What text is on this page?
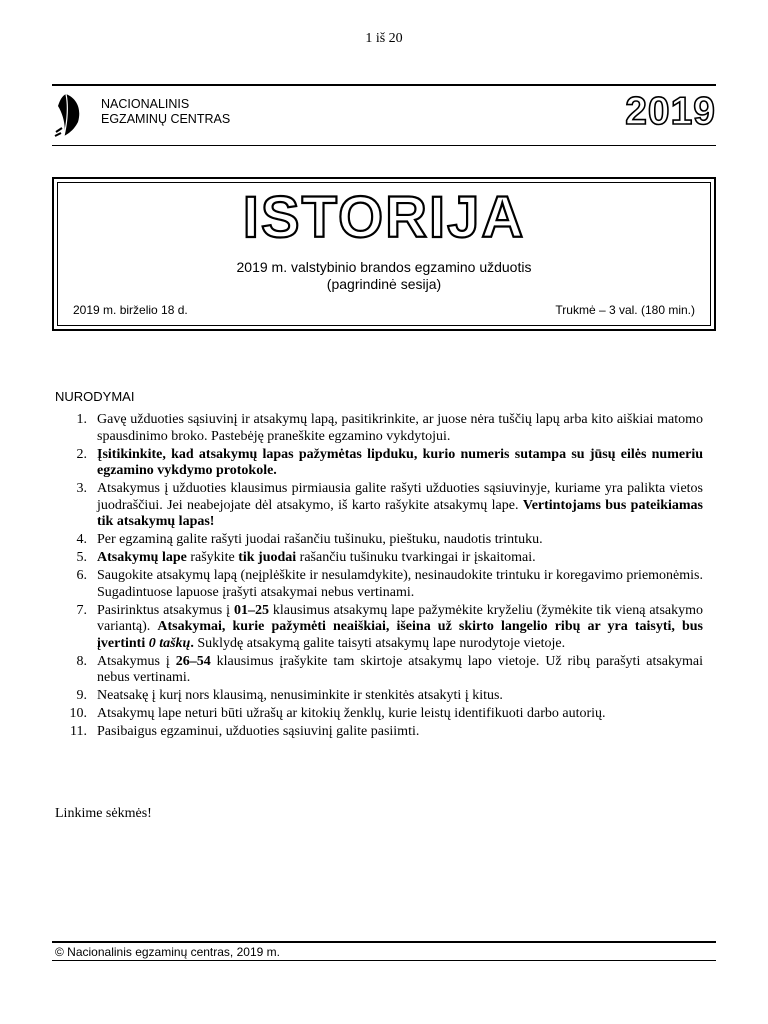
1 iš 20
NACIONALINIS
EGZAMINŲ CENTRAS	2019
ISTORIJA
2019 m. valstybinio brandos egzamino užduotis
(pagrindinė sesija)
2019 m. birželio 18 d.	Trukmė – 3 val. (180 min.)
NURODYMAI
1. Gavę užduoties sąsiuvinį ir atsakymų lapą, pasitikrinkite, ar juose nėra tuščių lapų arba kito aiškiai matomo spausdinimo broko. Pastebėję praneškite egzamino vykdytojui.
2. Įsitikinkite, kad atsakymų lapas pažymėtas lipduku, kurio numeris sutampa su jūsų eilės numeriu egzamino vykdymo protokole.
3. Atsakymus į užduoties klausimus pirmiausia galite rašyti užduoties sąsiuvinyje, kuriame yra palikta vietos juodraščiui. Jei neabejojate dėl atsakymo, iš karto rašykite atsakymų lape. Vertintojams bus pateikiamas tik atsakymų lapas!
4. Per egzaminą galite rašyti juodai rašančiu tušinuku, pieštuku, naudotis trintuku.
5. Atsakymų lape rašykite tik juodai rašančiu tušinuku tvarkingai ir įskaitomai.
6. Saugokite atsakymų lapą (neįplėškite ir nesulamdykite), nesinaudokite trintuku ir koregavimo priemonėmis. Sugadintuose lapuose įrašyti atsakymai nebus vertinami.
7. Pasirinktus atsakymus į 01–25 klausimus atsakymų lape pažymėkite kryželiu (žymėkite tik vieną atsakymo variantą). Atsakymai, kurie pažymėti neaiškiai, išeina už skirto langelio ribų ar yra taisyti, bus įvertinti 0 taškų. Suklydę atsakymą galite taisyti atsakymų lape nurodytoje vietoje.
8. Atsakymus į 26–54 klausimus įrašykite tam skirtoje atsakymų lapo vietoje. Už ribų parašyti atsakymai nebus vertinami.
9. Neatsakę į kurį nors klausimą, nenusiminkite ir stenkitės atsakyti į kitus.
10. Atsakymų lape neturi būti užrašų ar kitokių ženklų, kurie leistų identifikuoti darbo autorių.
11. Pasibaigus egzaminui, užduoties sąsiuvinį galite pasiimti.
Linkime sėkmės!
© Nacionalinis egzaminų centras, 2019 m.
